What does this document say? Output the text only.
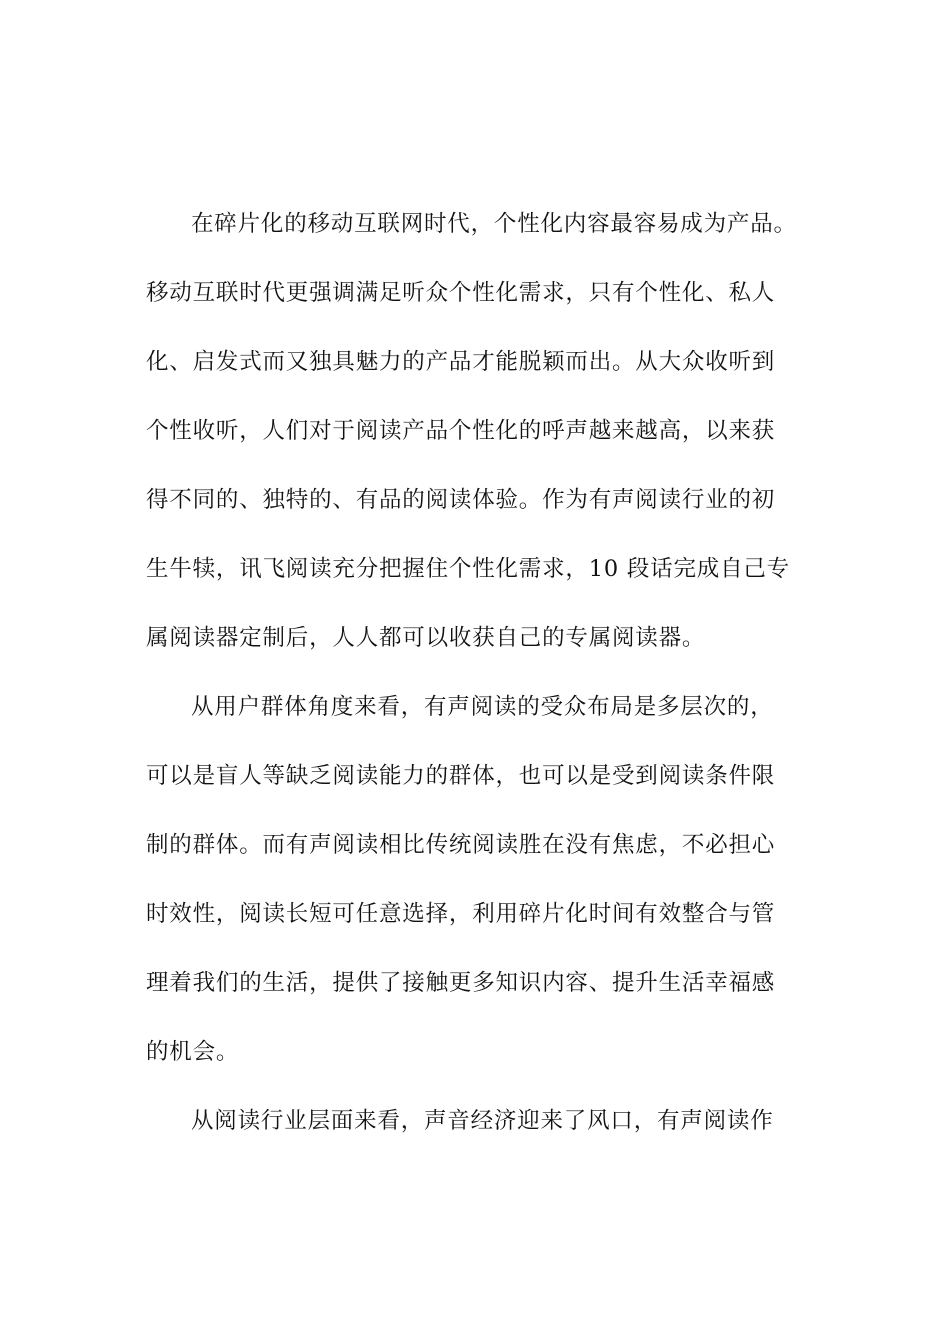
在碎片化的移动互联网时代，个性化内容最容易成为产品。
移动互联时代更强调满足听众个性化需求，只有个性化、私人
化、启发式而又独具魅力的产品才能脱颖而出。从大众收听到
个性收听，人们对于阅读产品个性化的呼声越来越高，以来获
得不同的、独特的、有品的阅读体验。作为有声阅读行业的初
生牛犊，讯飞阅读充分把握住个性化需求，10 段话完成自己专
属阅读器定制后，人人都可以收获自己的专属阅读器。
从用户群体角度来看，有声阅读的受众布局是多层次的，
可以是盲人等缺乏阅读能力的群体，也可以是受到阅读条件限
制的群体。而有声阅读相比传统阅读胜在没有焦虑，不必担心
时效性，阅读长短可任意选择，利用碎片化时间有效整合与管
理着我们的生活，提供了接触更多知识内容、提升生活幸福感
的机会。
从阅读行业层面来看，声音经济迎来了风口，有声阅读作
